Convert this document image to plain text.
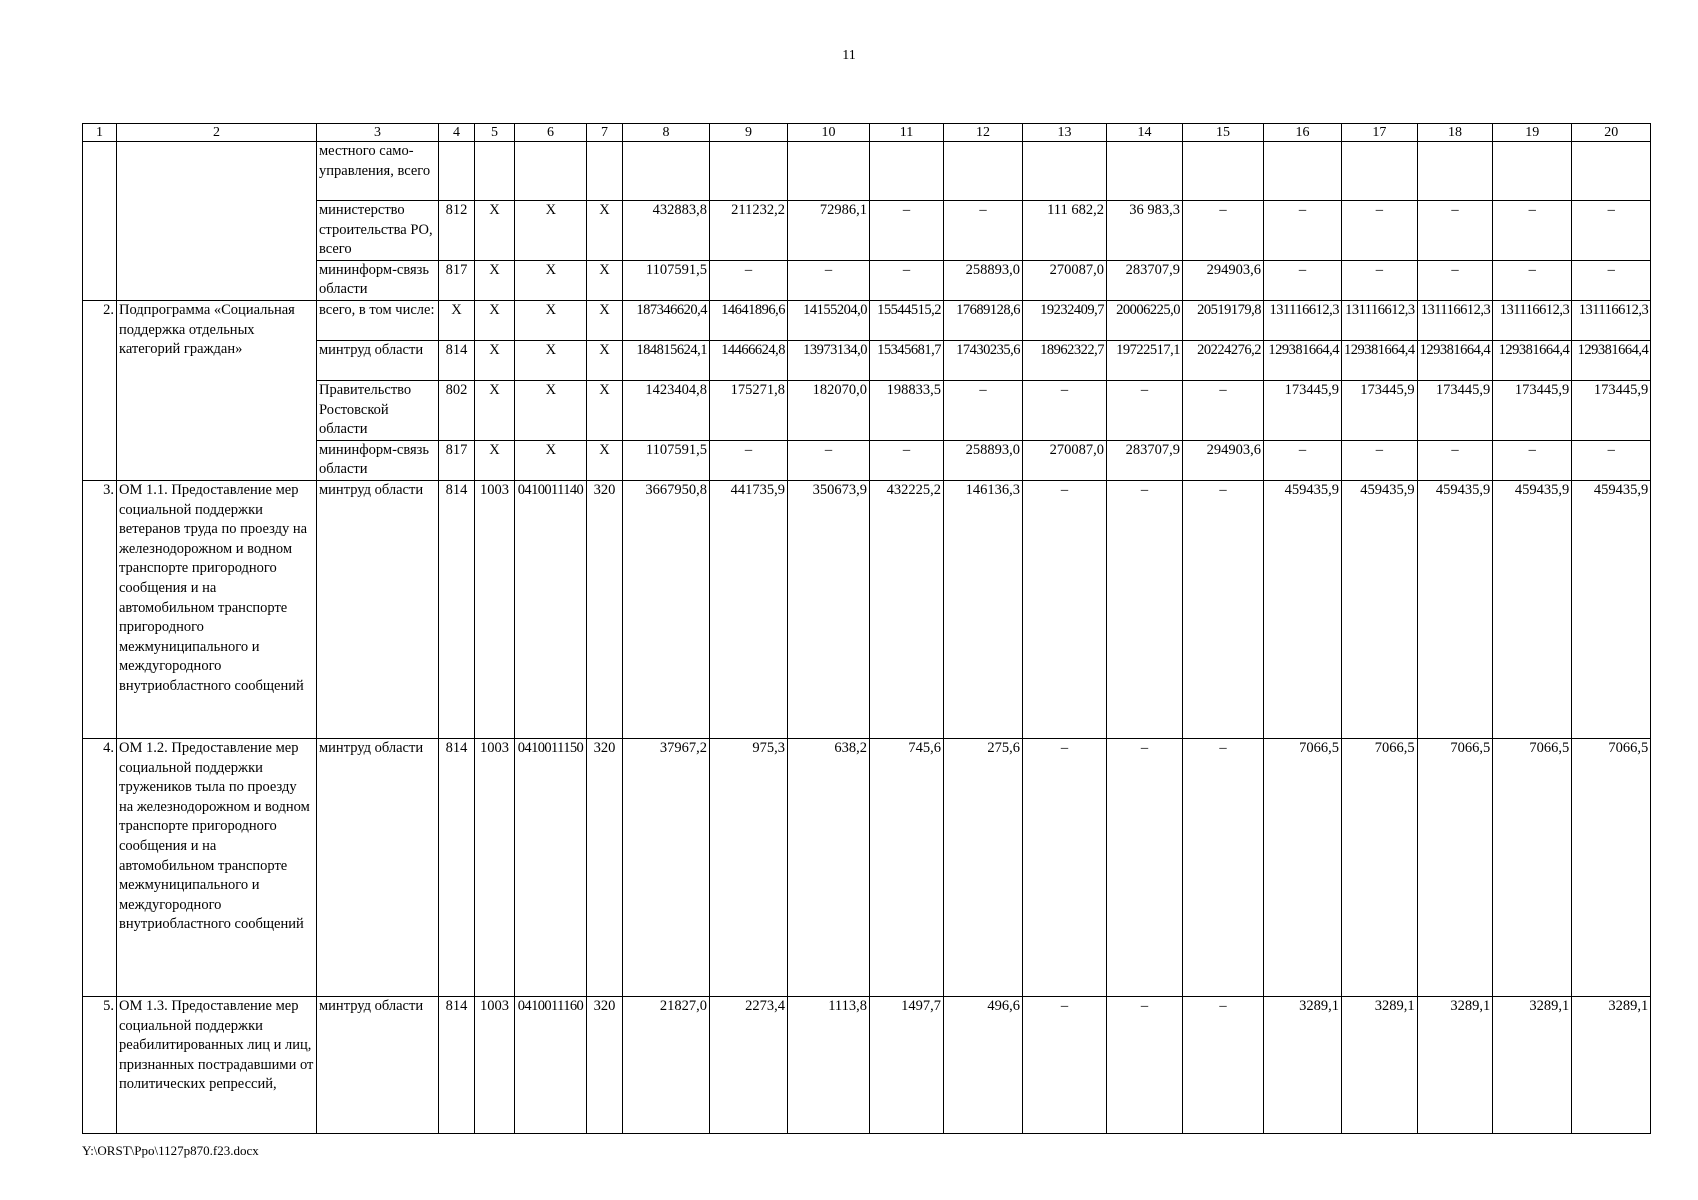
11
1	2	3	4	5	6	7	8	9	10	11	12	13	14	15	16	17	18	19	20
		местного само-управления, всего																	
		министерство строительства РО, всего	812	Х	Х	Х	432883,8	211232,2	72986,1	–	–	111 682,2	36 983,3	–	–	–	–	–	–
		мининформ-связь области	817	Х	Х	Х	1107591,5	–	–	–	258893,0	270087,0	283707,9	294903,6	–	–	–	–	–
2.	Подпрограмма «Социальная поддержка отдельных категорий граждан»	всего, в том числе:	Х	Х	Х	Х	187346620,4	14641896,6	14155204,0	15544515,2	17689128,6	19232409,7	20006225,0	20519179,8	131116612,3	131116612,3	131116612,3	131116612,3	131116612,3
		минтруд области	814	Х	Х	Х	184815624,1	14466624,8	13973134,0	15345681,7	17430235,6	18962322,7	19722517,1	20224276,2	129381664,4	129381664,4	129381664,4	129381664,4	129381664,4
		Правительство Ростовской области	802	Х	Х	Х	1423404,8	175271,8	182070,0	198833,5	–	–	–	–	173445,9	173445,9	173445,9	173445,9	173445,9
		мининформ-связь области	817	Х	Х	Х	1107591,5	–	–	–	258893,0	270087,0	283707,9	294903,6	–	–	–	–	–
3.	ОМ 1.1. Предоставление мер социальной поддержки ветеранов труда по проезду на железнодорожном и водном транспорте пригородного сообщения и на автомобильном транспорте пригородного межмуниципального и междугородного внутриобластного сообщений	минтруд области	814	1003	0410011140	320	3667950,8	441735,9	350673,9	432225,2	146136,3	–	–	–	459435,9	459435,9	459435,9	459435,9	459435,9
4.	ОМ 1.2. Предоставление мер социальной поддержки тружеников тыла по проезду на железнодорожном и водном транспорте пригородного сообщения и на автомобильном транспорте межмуниципального и междугородного внутриобластного сообщений	минтруд области	814	1003	0410011150	320	37967,2	975,3	638,2	745,6	275,6	–	–	–	7066,5	7066,5	7066,5	7066,5	7066,5
5.	ОМ 1.3. Предоставление мер социальной поддержки реабилитированных лиц и лиц, признанных пострадавшими от политических репрессий,	минтруд области	814	1003	0410011160	320	21827,0	2273,4	1113,8	1497,7	496,6	–	–	–	3289,1	3289,1	3289,1	3289,1	3289,1
Y:\ORST\Ppo\1127p870.f23.docx
